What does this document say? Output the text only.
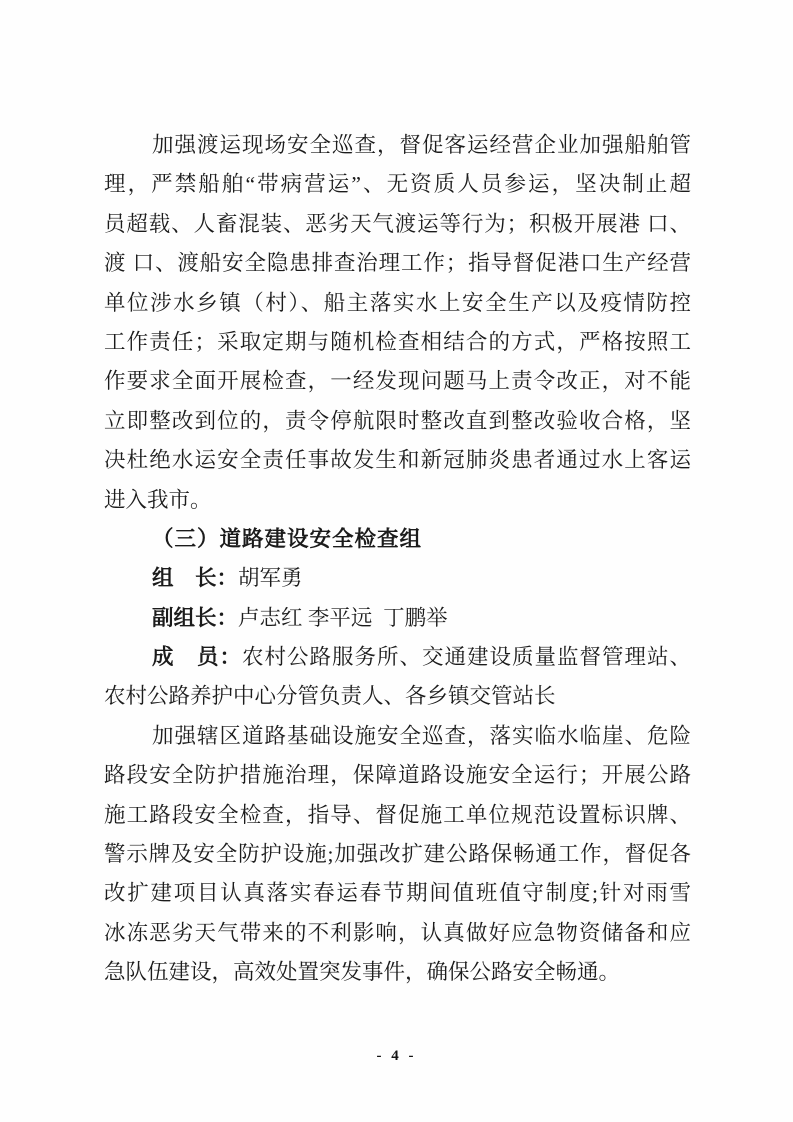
加强渡运现场安全巡查，督促客运经营企业加强船舶管
理，严禁船舶“带病营运”、无资质人员参运，坚决制止超
员超载、人畜混装、恶劣天气渡运等行为；积极开展港 口、
渡 口、渡船安全隐患排查治理工作；指导督促港口生产经营
单位涉水乡镇（村）、船主落实水上安全生产以及疫情防控
工作责任；采取定期与随机检查相结合的方式，严格按照工
作要求全面开展检查，一经发现问题马上责令改正，对不能
立即整改到位的，责令停航限时整改直到整改验收合格，坚
决杜绝水运安全责任事故发生和新冠肺炎患者通过水上客运
进入我市。
（三）道路建设安全检查组
组　长：胡军勇
副组长：卢志红 李平远  丁鹏举
成　员：农村公路服务所、交通建设质量监督管理站、
农村公路养护中心分管负责人、各乡镇交管站长
加强辖区道路基础设施安全巡查，落实临水临崖、危险
路段安全防护措施治理，保障道路设施安全运行；开展公路
施工路段安全检查，指导、督促施工单位规范设置标识牌、
警示牌及安全防护设施;加强改扩建公路保畅通工作，督促各
改扩建项目认真落实春运春节期间值班值守制度;针对雨雪
冰冻恶劣天气带来的不利影响，认真做好应急物资储备和应
急队伍建设，高效处置突发事件，确保公路安全畅通。
- 4 -
